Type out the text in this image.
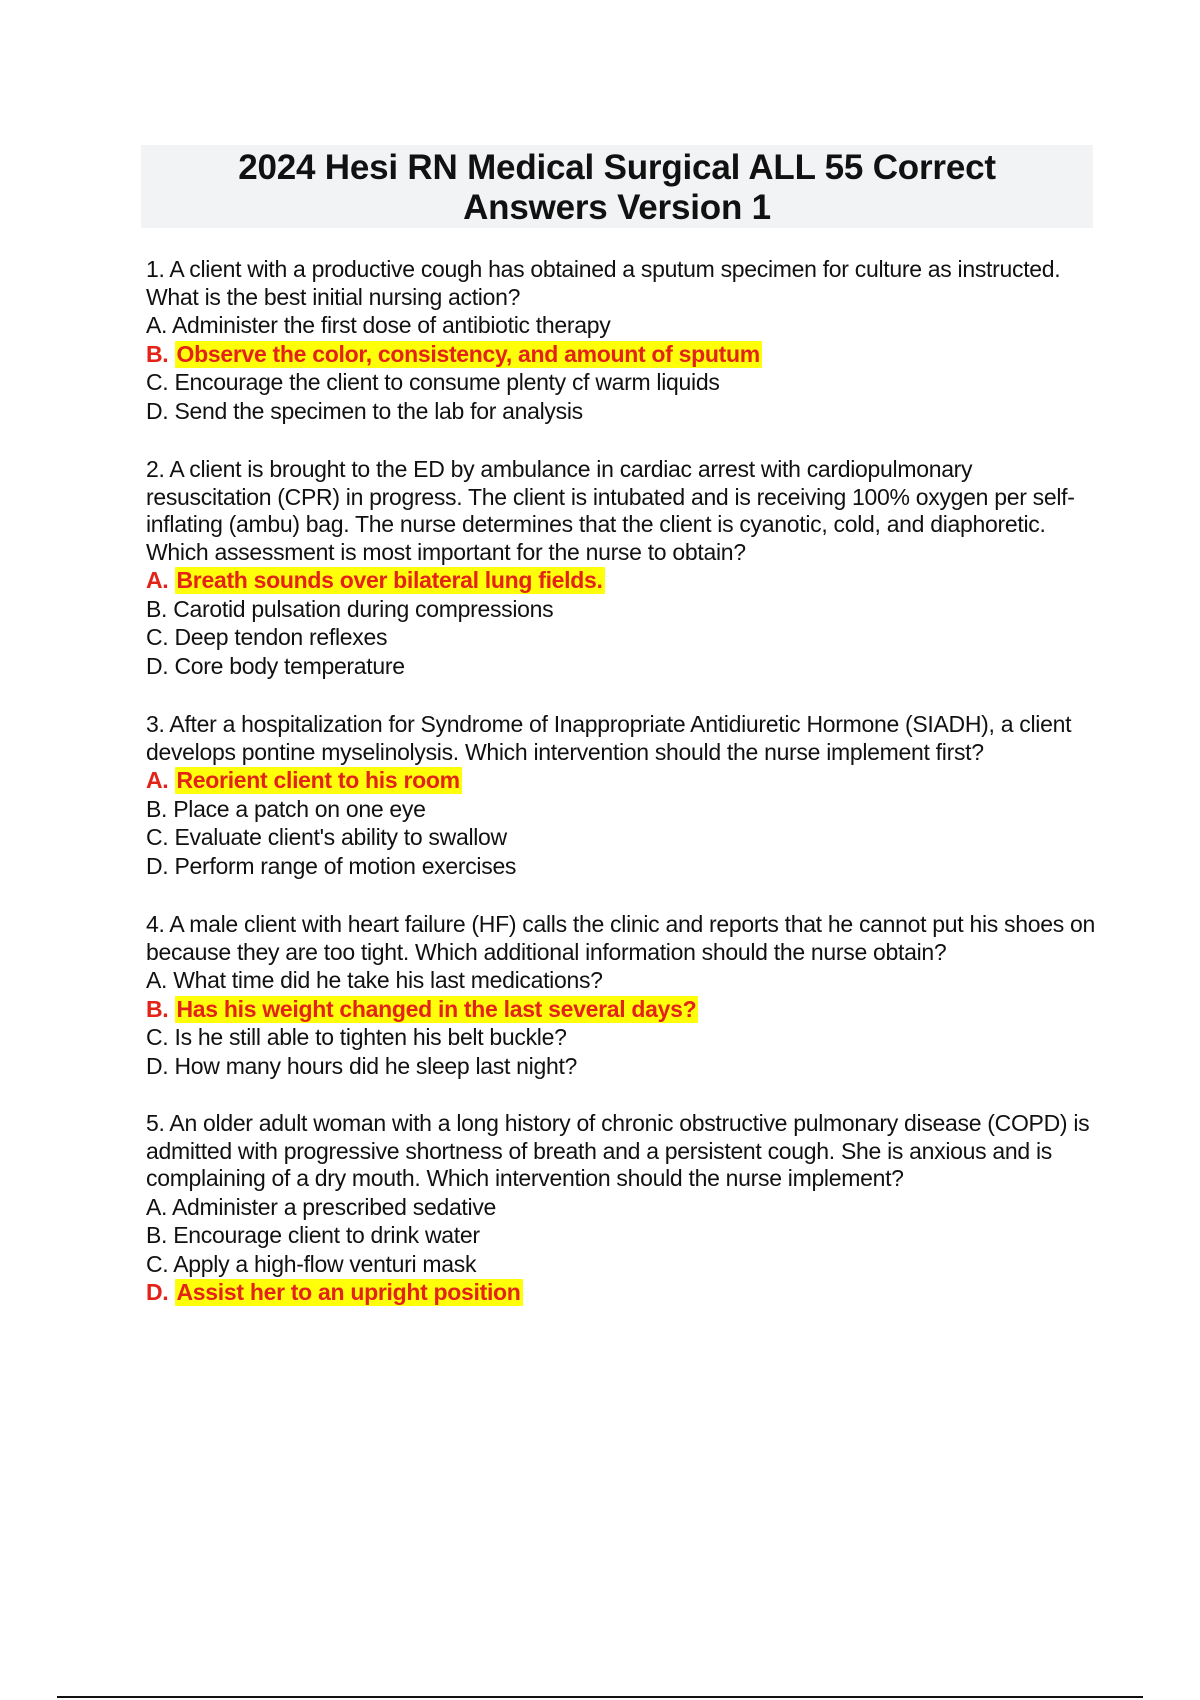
2024 Hesi RN Medical Surgical ALL 55 Correct
Answers Version 1

1. A client with a productive cough has obtained a sputum specimen for culture as instructed. What is the best initial nursing action?

A. Administer the first dose of antibiotic therapy
B. Observe the color, consistency, and amount of sputum
C. Encourage the client to consume plenty cf warm liquids
D. Send the specimen to the lab for analysis

2. A client is brought to the ED by ambulance in cardiac arrest with cardiopulmonary resuscitation (CPR) in progress. The client is intubated and is receiving 100% oxygen per self-inflating (ambu) bag. The nurse determines that the client is cyanotic, cold, and diaphoretic. Which assessment is most important for the nurse to obtain?

A. Breath sounds over bilateral lung fields.
B. Carotid pulsation during compressions
C. Deep tendon reflexes
D. Core body temperature

3. After a hospitalization for Syndrome of Inappropriate Antidiuretic Hormone (SIADH), a client develops pontine myselinolysis. Which intervention should the nurse implement first?

A. Reorient client to his room
B. Place a patch on one eye
C. Evaluate client's ability to swallow
D. Perform range of motion exercises

4. A male client with heart failure (HF) calls the clinic and reports that he cannot put his shoes on because they are too tight. Which additional information should the nurse obtain?

A. What time did he take his last medications?
B. Has his weight changed in the last several days?
C. Is he still able to tighten his belt buckle?
D. How many hours did he sleep last night?

5. An older adult woman with a long history of chronic obstructive pulmonary disease (COPD) is admitted with progressive shortness of breath and a persistent cough. She is anxious and is complaining of a dry mouth. Which intervention should the nurse implement?

A. Administer a prescribed sedative
B. Encourage client to drink water
C. Apply a high-flow venturi mask
D. Assist her to an upright position
